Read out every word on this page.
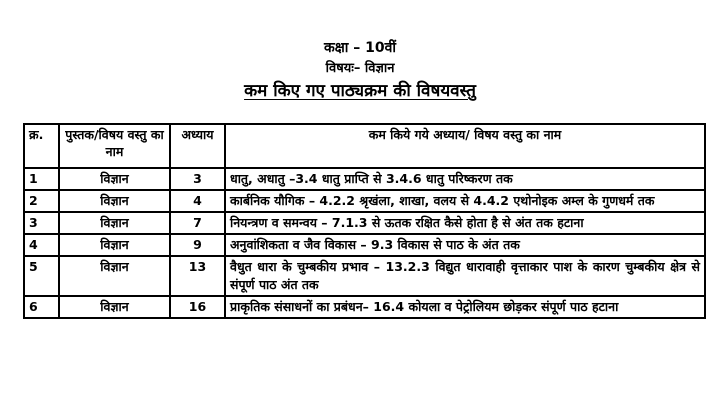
कक्षा – 10वीं
विषयः– विज्ञान
कम किए गए पाठ्यक्रम की विषयवस्तु
क्र.	पुस्तक/विषय वस्तु का नाम	अध्याय	कम किये गये अध्याय/ विषय वस्तु का नाम
1	विज्ञान	3	धातु, अधातु –3.4 धातु प्राप्ति से 3.4.6 धातु परिष्करण तक
2	विज्ञान	4	कार्बनिक यौगिक – 4.2.2 श्रृखंला, शाखा, वलय से 4.4.2 एथोनोइक अम्ल के गुणधर्म तक
3	विज्ञान	7	नियन्त्रण व समन्वय – 7.1.3 से ऊतक रक्षित कैसे होता है से अंत तक हटाना
4	विज्ञान	9	अनुवांशिकता व जैव विकास – 9.3 विकास से पाठ के अंत तक
5	विज्ञान	13	वैधुत धारा के चुम्बकीय प्रभाव – 13.2.3 विद्युत धारावाही वृत्ताकार पाश के कारण चुम्बकीय क्षेत्र से संपूर्ण पाठ अंत तक
6	विज्ञान	16	प्राकृतिक संसाधनों का प्रबंधन– 16.4 कोयला व पेट्रोलियम छोड़कर संपूर्ण पाठ हटाना
